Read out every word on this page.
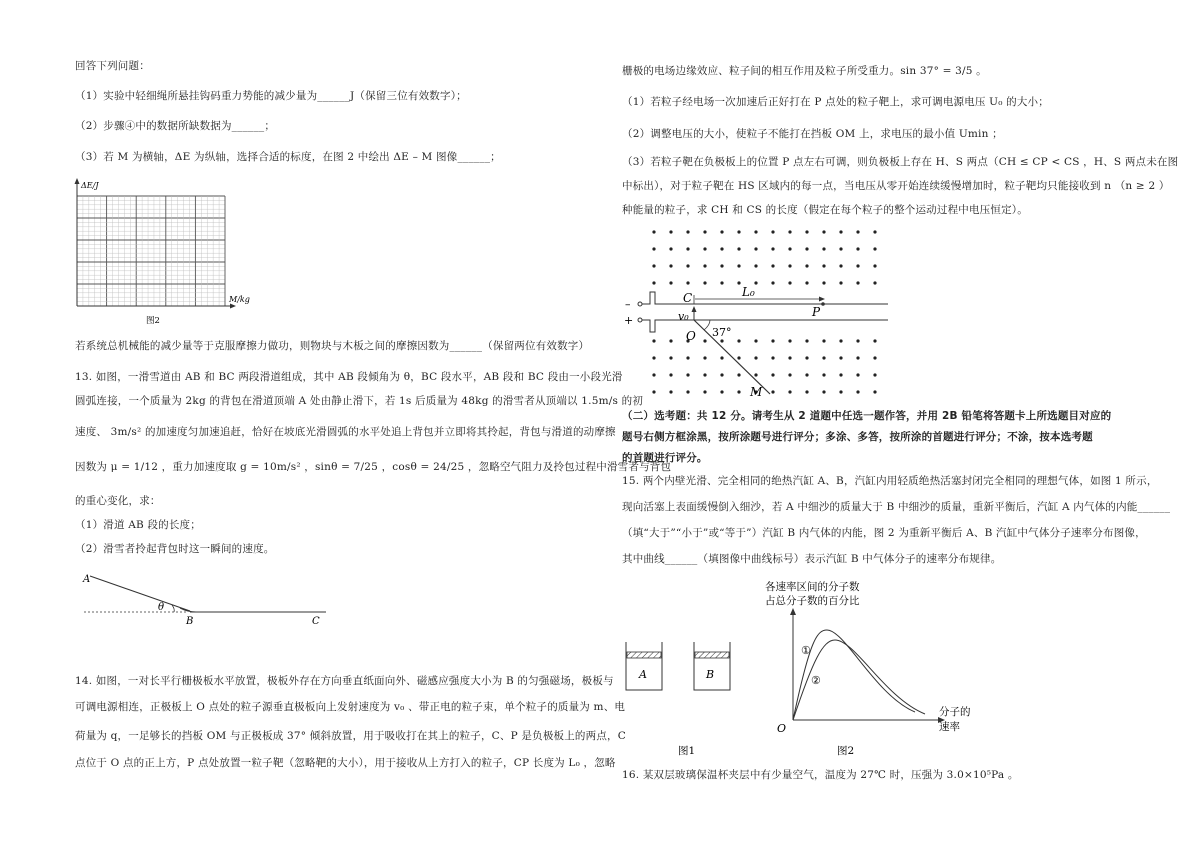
回答下列问题：
（1）实验中轻细绳所悬挂钩码重力势能的减少量为______J（保留三位有效数字）；
（2）步骤④中的数据所缺数据为______；
（3）若 M 为横轴，ΔE 为纵轴，选择合适的标度，在图 2 中绘出 ΔE – M 图像______；
ΔE/J
M/kg
图2
若系统总机械能的减少量等于克服摩擦力做功，则物块与木板之间的摩擦因数为______（保留两位有效数字）
13. 如图，一滑雪道由 AB 和 BC 两段滑道组成，其中 AB 段倾角为 θ，BC 段水平，AB 段和 BC 段由一小段光滑
圆弧连接，一个质量为 2kg 的背包在滑道顶端 A 处由静止滑下，若 1s 后质量为 48kg 的滑雪者从顶端以 1.5m/s 的初
速度、 3m/s² 的加速度匀加速追赶，恰好在坡底光滑圆弧的水平处追上背包并立即将其拎起，背包与滑道的动摩擦
因数为 μ = 1/12 ，重力加速度取 g = 10m/s² ，sinθ = 7/25 ，cosθ = 24/25 ，忽略空气阻力及拎包过程中滑雪者与背包
的重心变化，求：
（1）滑道 AB 段的长度；
（2）滑雪者拎起背包时这一瞬间的速度。
A
θ
B	C
14. 如图，一对长平行栅极板水平放置，极板外存在方向垂直纸面向外、磁感应强度大小为 B 的匀强磁场，极板与
可调电源相连，正极板上 O 点处的粒子源垂直极板向上发射速度为 v₀ 、带正电的粒子束，单个粒子的质量为 m、电
荷量为 q，一足够长的挡板 OM 与正极板成 37° 倾斜放置，用于吸收打在其上的粒子，C、P 是负极板上的两点，C
点位于 O 点的正上方，P 点处放置一粒子靶（忽略靶的大小），用于接收从上方打入的粒子，CP 长度为 L₀ ，忽略
栅极的电场边缘效应、粒子间的相互作用及粒子所受重力。sin 37° = 3/5 。
（1）若粒子经电场一次加速后正好打在 P 点处的粒子靶上，求可调电源电压 U₀ 的大小；
（2）调整电压的大小，使粒子不能打在挡板 OM 上，求电压的最小值 Umin ；
（3）若粒子靶在负极板上的位置 P 点左右可调，则负极板上存在 H、S 两点（CH ≤ CP < CS ，H、S 两点未在图
中标出），对于粒子靶在 HS 区域内的每一点，当电压从零开始连续缓慢增加时，粒子靶均只能接收到 n （n ≥ 2 ）
种能量的粒子，求 CH 和 CS 的长度（假定在每个粒子的整个运动过程中电压恒定）。
–
+
C	L₀
P
v₀
O 37°
M
（二）选考题：共 12 分。请考生从 2 道题中任选一题作答，并用 2B 铅笔将答题卡上所选题目对应的
题号右侧方框涂黑，按所涂题号进行评分；多涂、多答，按所涂的首题进行评分；不涂，按本选考题
的首题进行评分。
15. 两个内壁光滑、完全相同的绝热汽缸 A、B，汽缸内用轻质绝热活塞封闭完全相同的理想气体，如图 1 所示，
现向活塞上表面缓慢倒入细沙，若 A 中细沙的质量大于 B 中细沙的质量，重新平衡后，汽缸 A 内气体的内能______
（填“大于”“小于”或“等于”）汽缸 B 内气体的内能，图 2 为重新平衡后 A、B 汽缸中气体分子速率分布图像，
其中曲线______（填图像中曲线标号）表示汽缸 B 中气体分子的速率分布规律。
A	B
图1
各速率区间的分子数
占总分子数的百分比
分子的
速率
O
①
②
图2
16. 某双层玻璃保温杯夹层中有少量空气，温度为 27℃ 时，压强为 3.0×10⁵Pa 。
